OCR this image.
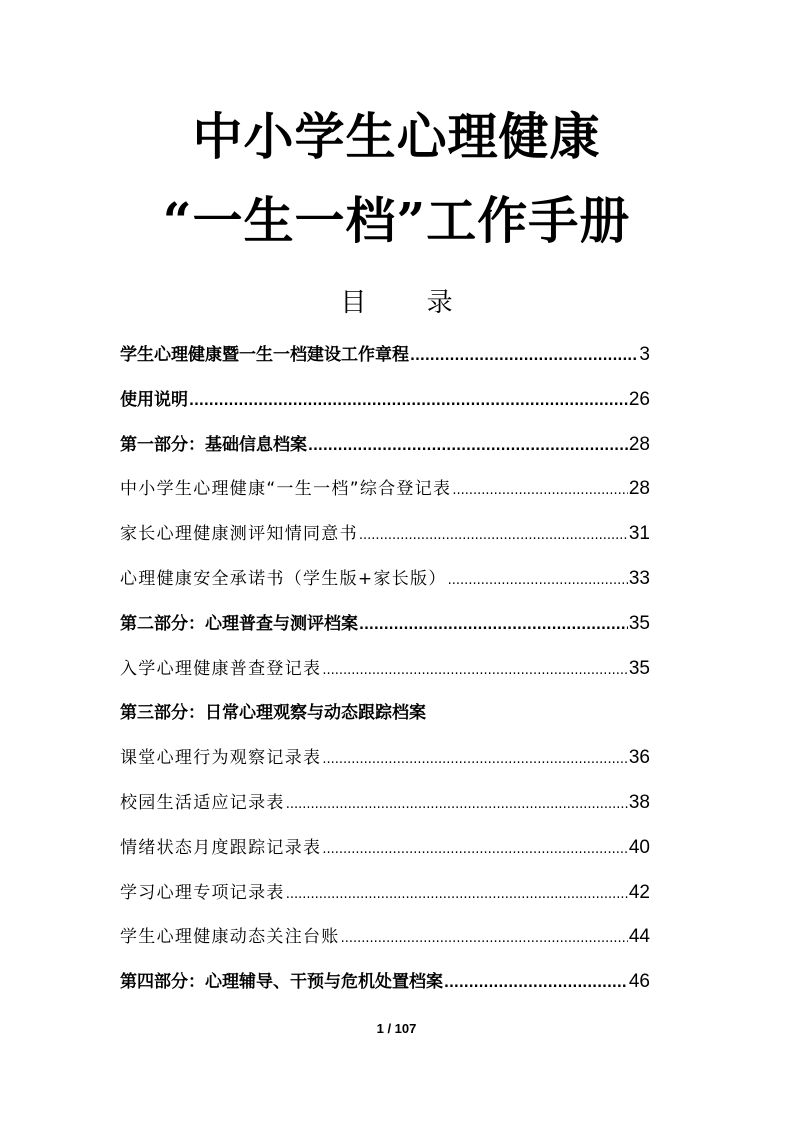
中小学生心理健康
“一生一档”工作手册
目 录
学生心理健康暨一生一档建设工作章程 .....	3
使用说明 .....	26
第一部分：基础信息档案 .....	28
中小学生心理健康“一生一档”综合登记表 .....	28
家长心理健康测评知情同意书 .....	31
心理健康安全承诺书（学生版+家长版） .....	33
第二部分：心理普查与测评档案 .....	35
入学心理健康普查登记表 .....	35
第三部分：日常心理观察与动态跟踪档案
课堂心理行为观察记录表 .....	36
校园生活适应记录表 .....	38
情绪状态月度跟踪记录表 .....	40
学习心理专项记录表 .....	42
学生心理健康动态关注台账 .....	44
第四部分：心理辅导、干预与危机处置档案 .....	46
1 / 107
